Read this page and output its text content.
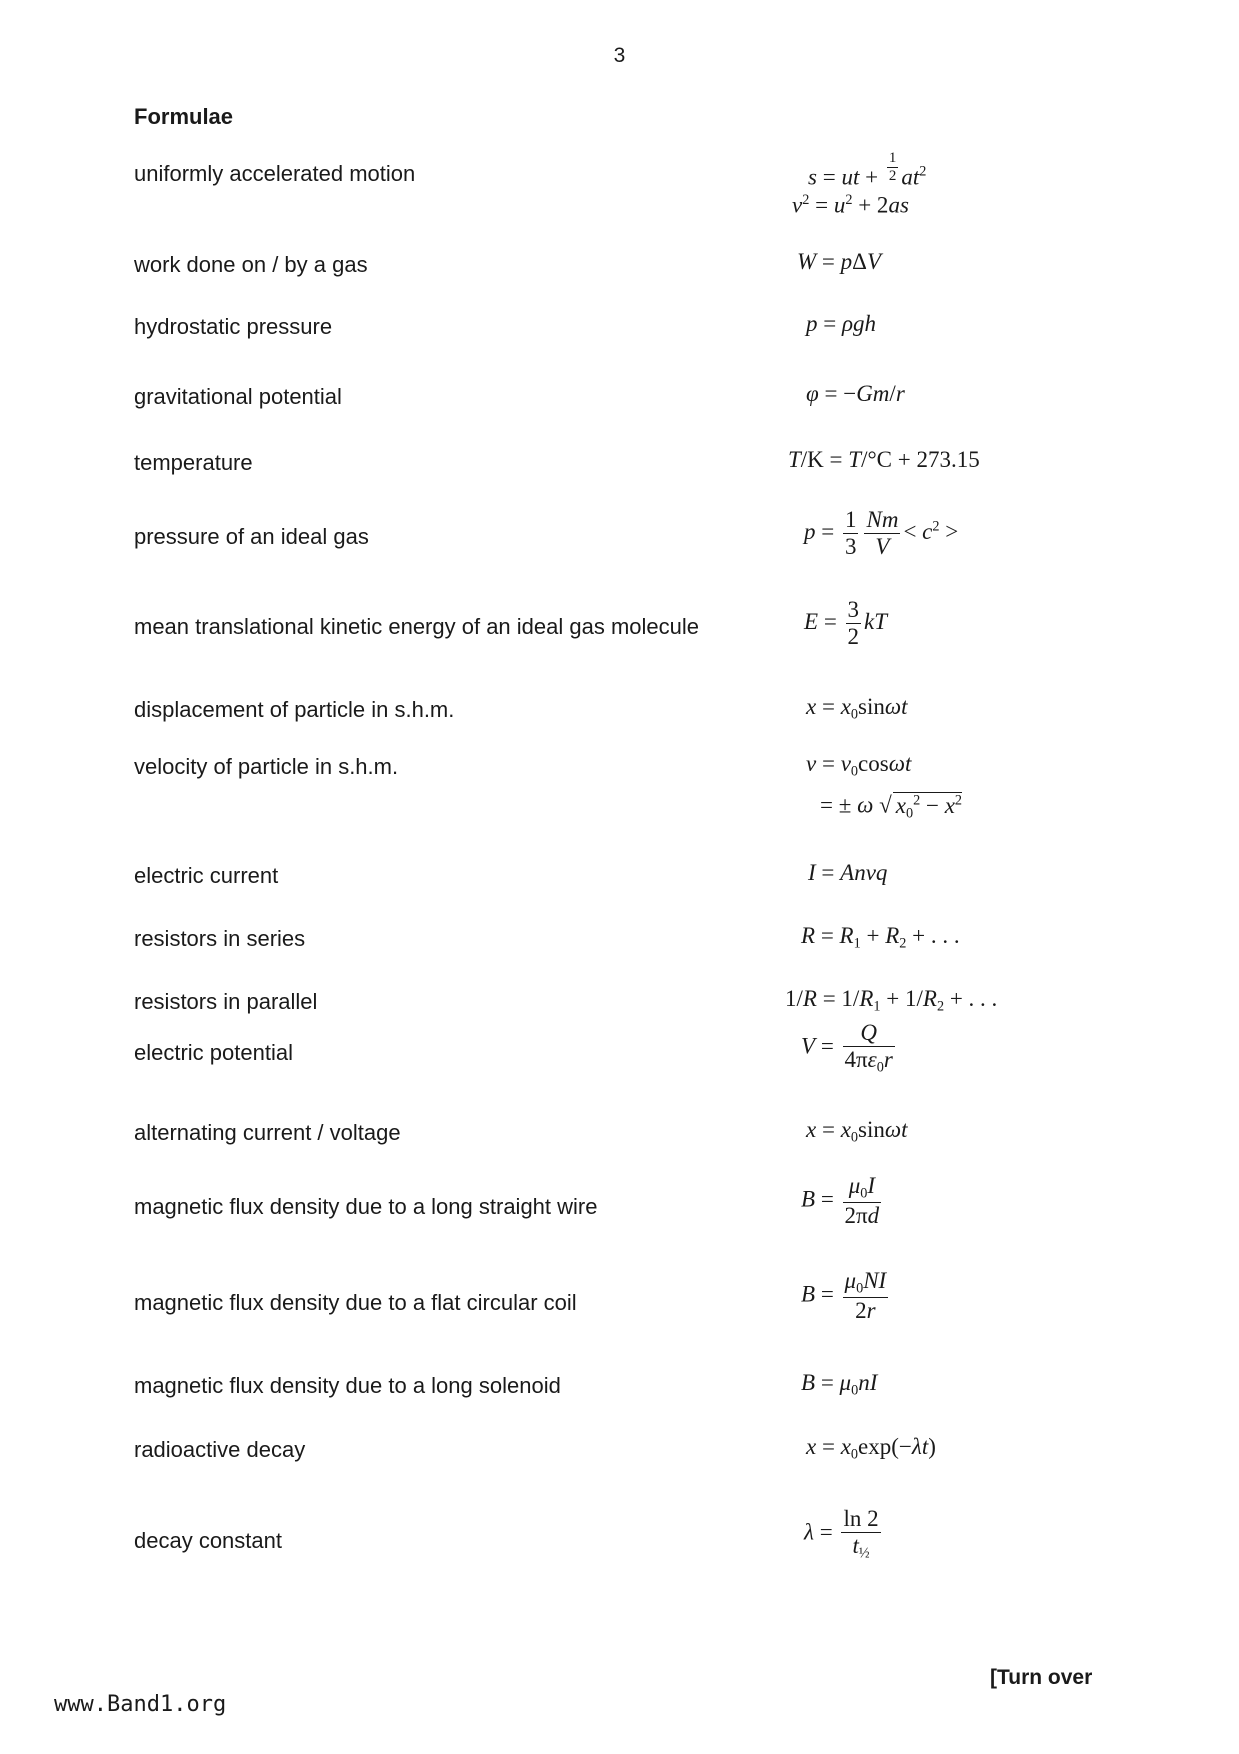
3
Formulae
uniformly accelerated motion	s = ut + $\frac{1}{2} at^2$
$v^2 = u^2 + 2as$
work done on / by a gas	W = pΔV
hydrostatic pressure	p = ρgh
gravitational potential	φ = −Gm/r
temperature	T/K = T/°C + 273.15
pressure of an ideal gas	$p = \frac{1}{3} \frac{Nm}{V} < c^2$ >
mean translational kinetic energy of an ideal gas molecule	$E = \frac{3}{2}$ kT
displacement of particle in s.h.m.	$x = x_0\sin\omega t$
velocity of particle in s.h.m.	$v = v_0\cos\omega t$
= ± ω √ $x_0^2 - x^2$
electric current	I = Anvq
resistors in series	$R = R_1 + R_2$ + . . .
resistors in parallel	$1/R = 1/R_1 + 1/R_2$ + . . .
electric potential	$V = \frac{Q}{4\pi\varepsilon_0r}$
alternating current / voltage	$x = x_0\sin\omega t$
magnetic flux density due to a long straight wire	$B = \frac{\mu_0I}{2\pi d}$
magnetic flux density due to a flat circular coil	$B = \frac{\mu_0NI}{2r}$
magnetic flux density due to a long solenoid	$B = \mu_0nI$
radioactive decay	$x = x_0\exp(-\lambda t)$
decay constant	$\lambda = \frac{\ln 2}{t_{\frac{1}{2}}}$
[Turn over
www.Band1.org
